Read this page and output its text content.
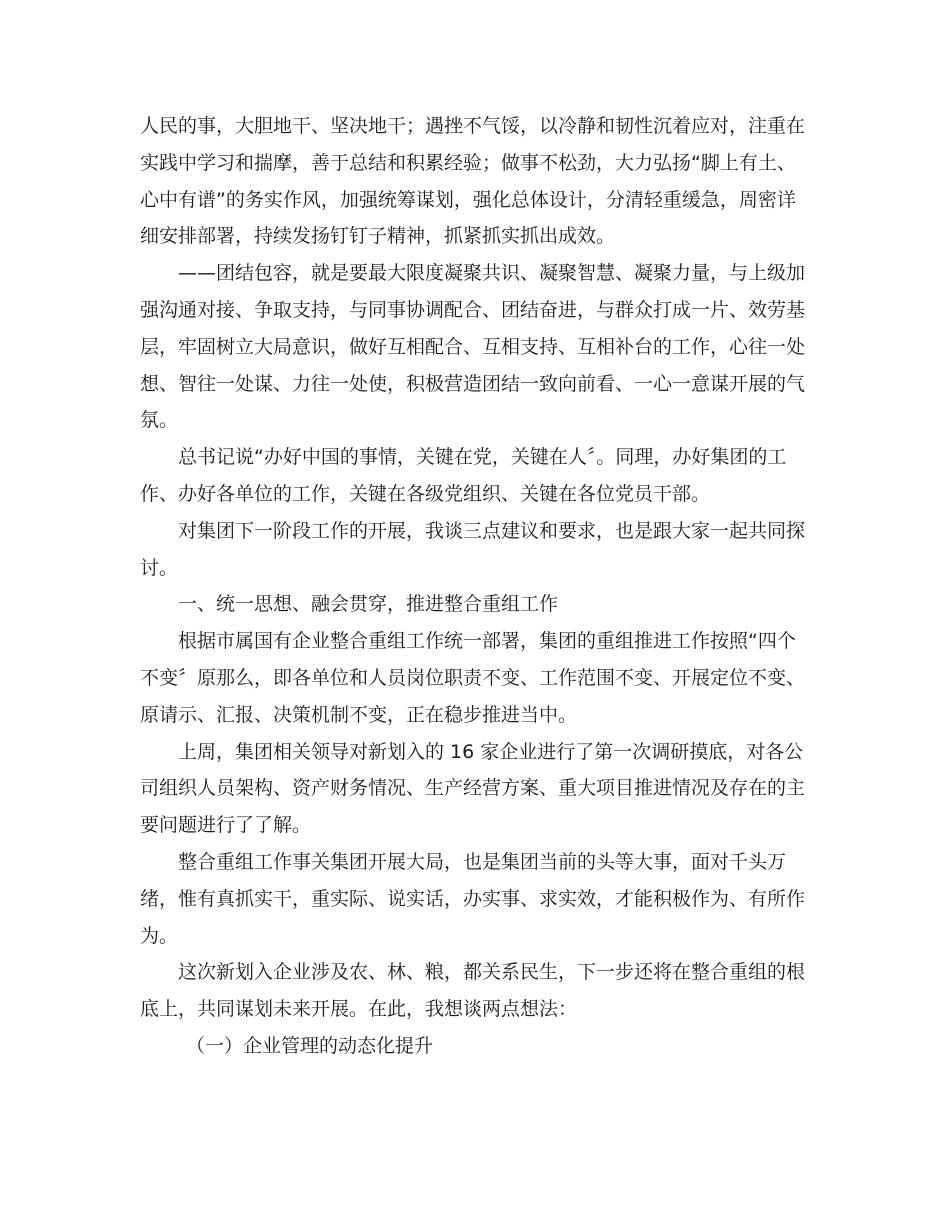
人民的事，大胆地干、坚决地干；遇挫不气馁，以冷静和韧性沉着应对，注重在实践中学习和揣摩，善于总结和积累经验；做事不松劲，大力弘扬“脚上有土、心中有谱”的务实作风，加强统筹谋划，强化总体设计，分清轻重缓急，周密详细安排部署，持续发扬钉钉子精神，抓紧抓实抓出成效。

——团结包容，就是要最大限度凝聚共识、凝聚智慧、凝聚力量，与上级加强沟通对接、争取支持，与同事协调配合、团结奋进，与群众打成一片、效劳基层，牢固树立大局意识，做好互相配合、互相支持、互相补台的工作，心往一处想、智往一处谋、力往一处使，积极营造团结一致向前看、一心一意谋开展的气氛。

总书记说“办好中国的事情，关键在党，关键在人〞。同理，办好集团的工作、办好各单位的工作，关键在各级党组织、关键在各位党员干部。

对集团下一阶段工作的开展，我谈三点建议和要求，也是跟大家一起共同探讨。

一、统一思想、融会贯穿，推进整合重组工作

根据市属国有企业整合重组工作统一部署，集团的重组推进工作按照“四个不变〞原那么，即各单位和人员岗位职责不变、工作范围不变、开展定位不变、原请示、汇报、决策机制不变，正在稳步推进当中。

上周，集团相关领导对新划入的 16 家企业进行了第一次调研摸底，对各公司组织人员架构、资产财务情况、生产经营方案、重大项目推进情况及存在的主要问题进行了了解。

整合重组工作事关集团开展大局，也是集团当前的头等大事，面对千头万绪，惟有真抓实干，重实际、说实话，办实事、求实效，才能积极作为、有所作为。

这次新划入企业涉及农、林、粮，都关系民生，下一步还将在整合重组的根底上，共同谋划未来开展。在此，我想谈两点想法：

（一）企业管理的动态化提升
